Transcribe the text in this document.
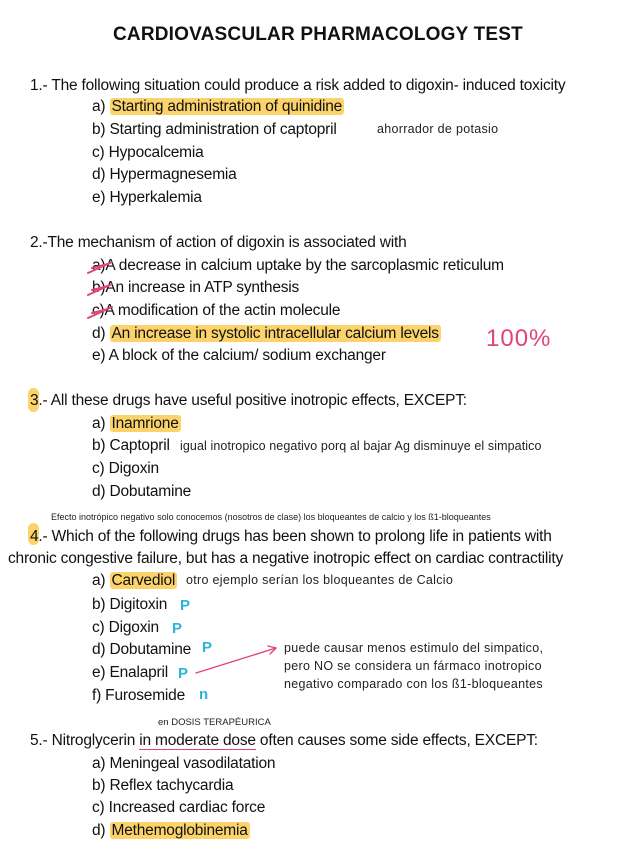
CARDIOVASCULAR PHARMACOLOGY TEST
1.- The following situation could produce a risk added to digoxin- induced toxicity
a) Starting administration of quinidine
b) Starting administration of captopril	ahorrador de potasio
c) Hypocalcemia
d) Hypermagnesemia
e) Hyperkalemia
2.-The mechanism of action of digoxin is associated with
a)A decrease in calcium uptake by the sarcoplasmic reticulum
b)An increase in ATP synthesis
c)A modification of the actin molecule
d) An increase in systolic intracellular calcium levels 100%
e) A block of the calcium/ sodium exchanger
3.- All these drugs have useful positive inotropic effects, EXCEPT:
a) Inamrione
b) Captopril igual inotropico negativo porq al bajar Ag disminuye el simpatico
c) Digoxin
d) Dobutamine
Efecto inotrópico negativo solo conocemos (nosotros de clase) los bloqueantes de calcio y los ß1-bloqueantes
4.- Which of the following drugs has been shown to prolong life in patients with
chronic congestive failure, but has a negative inotropic effect on cardiac contractility
a) Carvediol otro ejemplo serían los bloqueantes de Calcio
b) Digitoxin P
c) Digoxin P
d) Dobutamine P
e) Enalapril P
f) Furosemide n
puede causar menos estimulo del simpatico,
pero NO se considera un fármaco inotropico
negativo comparado con los ß1-bloqueantes
en DOSIS TERAPÉURICA
5.- Nitroglycerin in moderate dose often causes some side effects, EXCEPT:
a) Meningeal vasodilatation
b) Reflex tachycardia
c) Increased cardiac force
d) Methemoglobinemia
